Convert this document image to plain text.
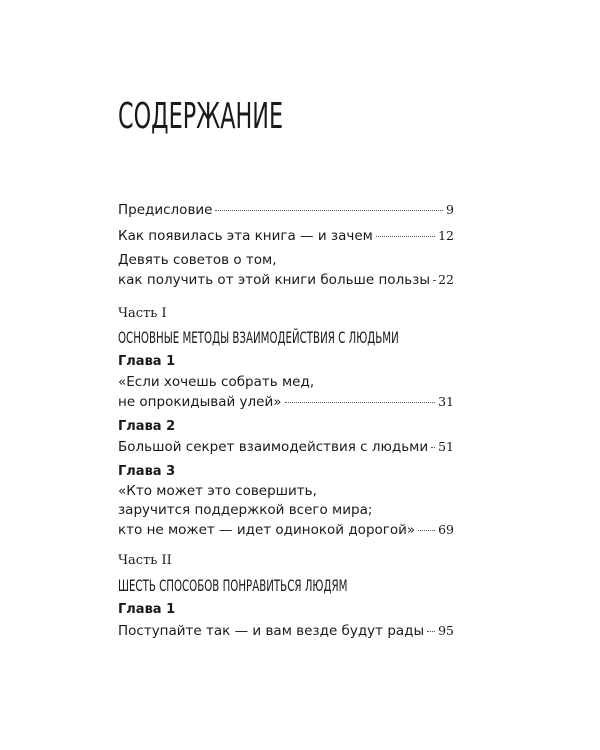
СОДЕРЖАНИЕ
Предисловие	9
Как появилась эта книга — и зачем	12
Девять советов о том,
как получить от этой книги больше пользы 22
Часть I
ОСНОВНЫЕ МЕТОДЫ ВЗАИМОДЕЙСТВИЯ С ЛЮДЬМИ
Глава 1
«Если хочешь собрать мед,
не опрокидывай улей»	31
Глава 2
Большой секрет взаимодействия с людьми 51
Глава 3
«Кто может это совершить,
заручится поддержкой всего мира;
кто не может — идет одинокой дорогой» 69
Часть II
ШЕСТЬ СПОСОБОВ ПОНРАВИТЬСЯ ЛЮДЯМ
Глава 1
Поступайте так — и вам везде будут рады 95
